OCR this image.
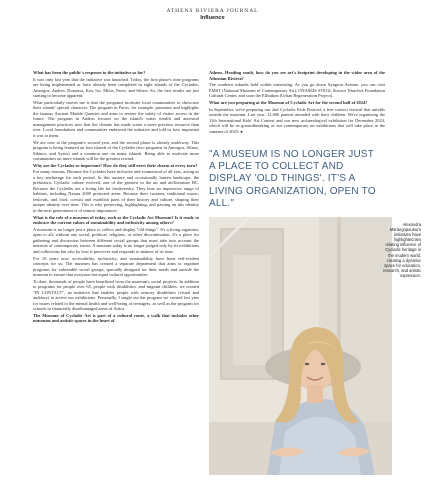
ATHENS RIVIERA JOURNAL
Influence

What has been the public's response to the initiative so far?

It was only last year that the initiative was launched. Today, the first phase's nine programs are being implemented or have already been completed in eight islands of the Cyclades: Amorgos, Andros, Donousa, Kea, Ios, Milos, Paros, and Sifnos. So, the first results are just starting to become apparent.

What particularly moves me is that the programs motivate local communities to showcase their islands' special character. The program in Paros, for example, promotes and highlights the famous Ancient Marble Quarries and aims to restore the safety of visitor access in the future. The program in Andros focuses on the island's water wealth and ancestral management practices now that the climate has made water a more precious resource than ever. Local foundations and communities embraced the initiative and told us how important it was to them.

We are now at the program's second year, and the second phase is already underway. This program is being featured on four islands of the Cyclades (two programs in Amorgos, Sifnos, Sikinos, and Syros) and a common one on many islands. Being able to motivate more communities on more islands will be the greatest reward.

Why are the Cyclades so important? How do they still exert their charm at every turn?

For many reasons. Because the Cyclades have inclusive and ecumenical of all eras, acting as a key anchorage for each period. In this austere and occasionally barren landscape, the prehistoric Cycladic culture evolved, one of the greatest in the art and art/literature BC. Because the Cyclades are a living lab for biodiversity. They host an impressive range of habitats, including Natura 2000 protected areas. Because their customs, traditional music, festivals, and food, coexist and establish parts of their history and culture, shaping their unique identity over time. This is why preserving, highlighting, and passing on this identity to the next generations is of utmost importance.

What is the role of a museum of today, such as the Cycladic Art Museum? Is it ready to embrace the current values of sustainability and inclusivity among others?

A museum is no longer just a place to collect and display "old things". It's a living organism, open to all, without any social, political, religious, or other discrimination. It's a place for gathering and discussion between different social groups that must take into account the interests of contemporary issues. A museum today is no longer judged only by its exhibitions and collections but also by how it perceives and responds to matters of its time.

For 10 years now, accessibility, inclusivity, and sustainability have been self-evident concepts for us. The museum has created a separate department that aims to organize programs for vulnerable social groups, specially designed for their needs and outside the museum to ensure that everyone has equal cultural opportunities.

To date, thousands of people have benefitted from the museum's social projects. In addition to programs for people over 65, people with disabilities, and migrant children, we created "IN CONTACT", an initiative that enables people with sensory disabilities (visual and auditory) to access our exhibitions. Personally, I single out the program we created last year for issues related to the mental health and well-being of teenagers, as well as the program for schools in financially disadvantaged areas of Attica.

The Museum of Cycladic Art is part of a cultural route, a walk that includes other museums and artistic spaces in the heart of

Athens. Heading south, how do you see art's footprint developing in the wider area of the Athenian Riviera?

The southern suburbs hold within interesting. As you go down Syngrou Avenue, you can visit EMST (National Museum of Contemporary Art), ONASSIS STEGI, Stavros Niarchos Foundation Cultural Center, and soon the Ellinikon (Urban Regeneration Project).

What are you preparing at the Museum of Cycladic Art for the second half of 2024?

In September, we're preparing our 2nd Cycladic Kids Festival, a free contact festival that unfolds outside the museum. Last year, 12,000 parents attended with their children. We're organizing the 11th International Kids' Art Contest and our new archaeological exhibition for December 2024, which will be as groundbreaking as our contemporary art exhibitions that will take place in the summer of 2025. ●

"A MUSEUM IS NO LONGER JUST A PLACE TO COLLECT AND DISPLAY 'OLD THINGS'. IT'S A LIVING ORGANIZATION, OPEN TO ALL."
Alexandra Marangopoulou's initiatives have highlighted ties relating influence of Cycladic heritage in the modern world, creating a dynamic space for education, research, and artistic expression.
